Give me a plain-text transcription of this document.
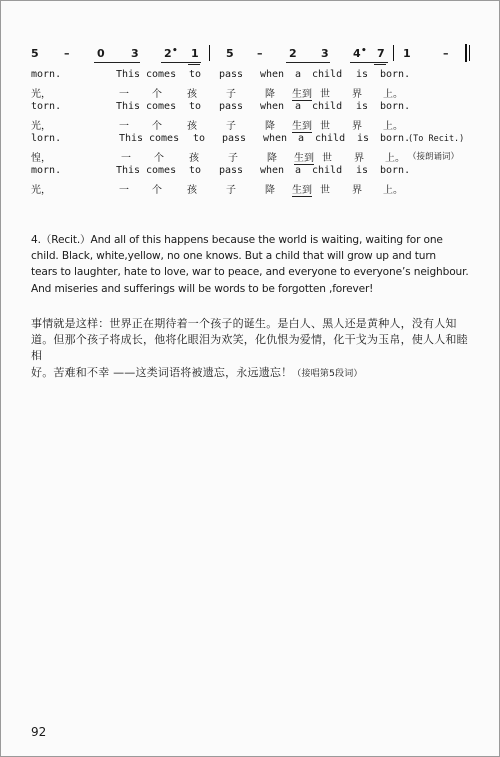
5 –	0 3 2 • 1 5 – 2 3 4 • 7 1	–
morn.	This comes to pass when a child is born.
光，	一 个	孩	子	降 生到 世 界 上。
torn.	This comes to pass when a child is born.
光，	一 个	孩	子	降 生到 世 界 上。
lorn.	This comes to pass when a child is born.
(To Recit.)
惶，	一 个	孩	子	降 生到 世 界 上。 （接朗诵词）
morn.	This comes to pass when a child is born.
光，	一 个	孩	子	降 生到 世 界 上。
4.（Recit.）And all of this happens because the world is waiting, waiting for one
child. Black, white,yellow, no one knows. But a child that will grow up and turn
tears to laughter, hate to love, war to peace, and everyone to everyone’s neighbour.
And miseries and sufferings will be words to be forgotten ,forever!
事情就是这样：世界正在期待着一个孩子的诞生。是白人、黑人还是黄种人，没有人知
道。但那个孩子将成长，他将化眼泪为欢笑，化仇恨为爱情，化干戈为玉帛，使人人和睦相
好。苦难和不幸 ——这类词语将被遗忘，永远遗忘！（接唱第5段词）
92
